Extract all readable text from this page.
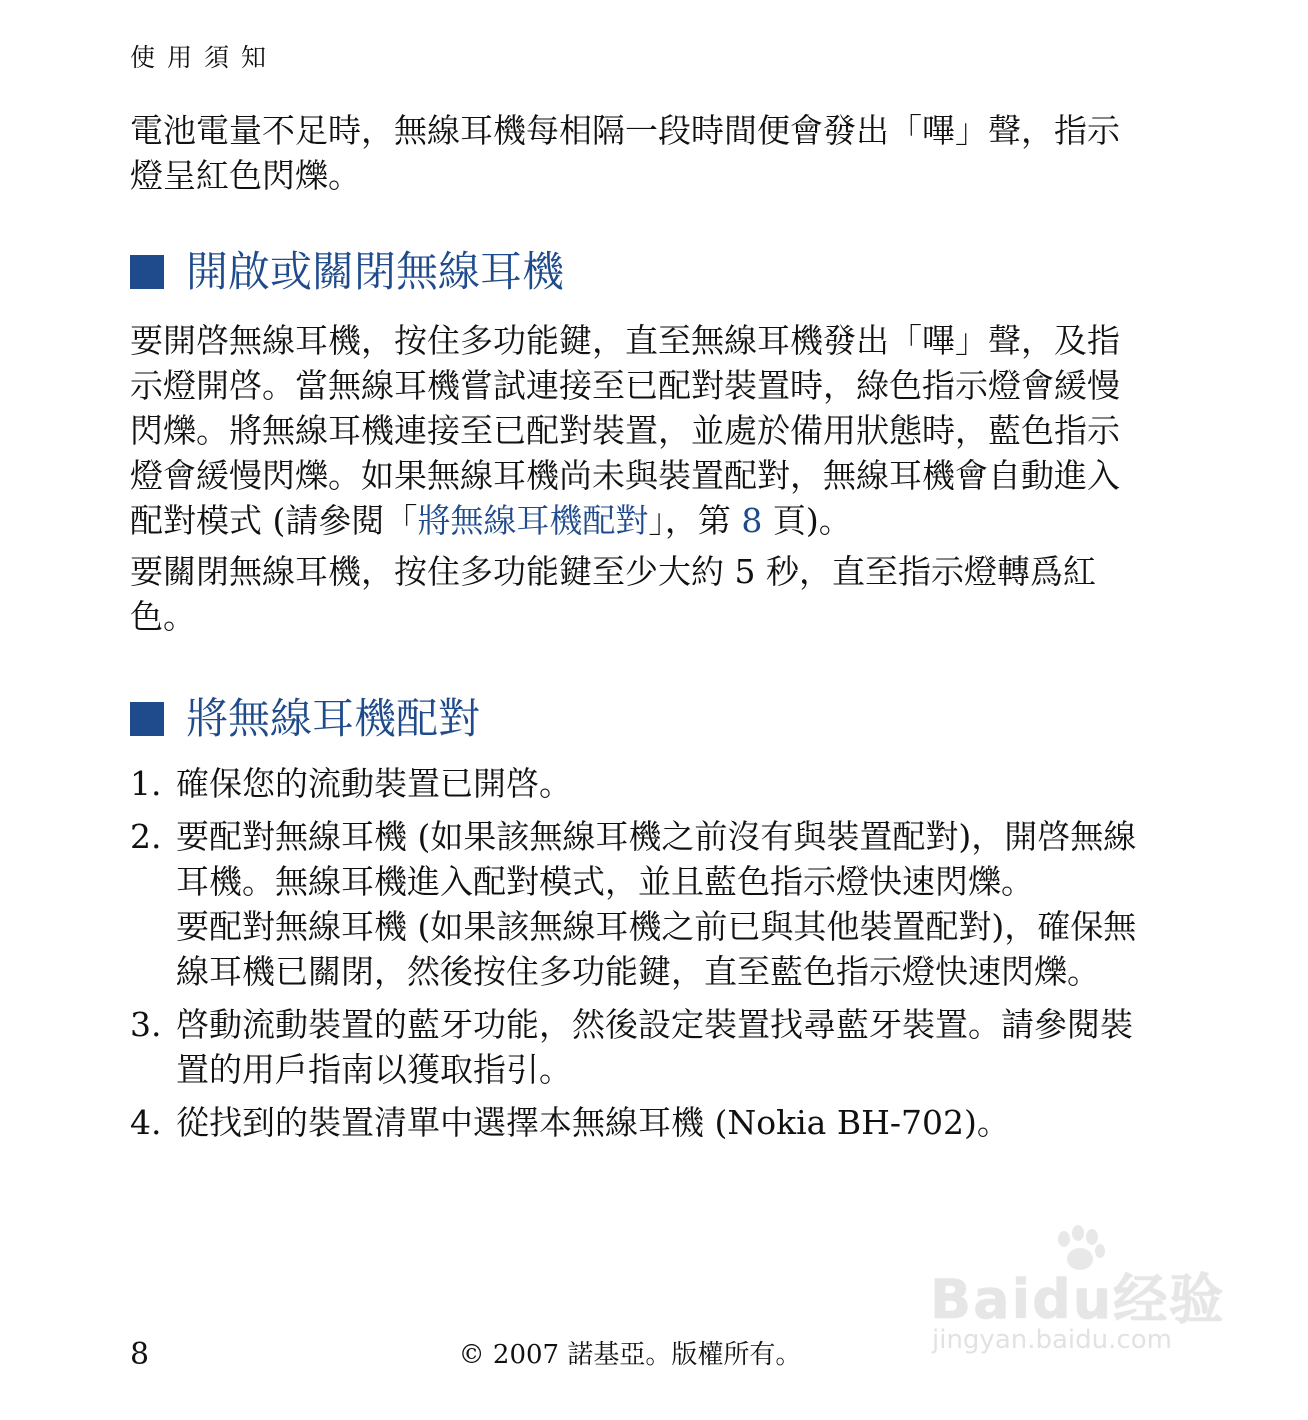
使用須知

電池電量不足時，無線耳機每相隔一段時間便會發出「嗶」聲，指示燈呈紅色閃爍。

開啟或關閉無線耳機

要開啓無線耳機，按住多功能鍵，直至無線耳機發出「嗶」聲，及指示燈開啓。當無線耳機嘗試連接至已配對裝置時，綠色指示燈會緩慢閃爍。將無線耳機連接至已配對裝置，並處於備用狀態時，藍色指示燈會緩慢閃爍。如果無線耳機尚未與裝置配對，無線耳機會自動進入配對模式 (請參閱「將無線耳機配對」，第 8 頁)。

要關閉無線耳機，按住多功能鍵至少大約 5 秒，直至指示燈轉爲紅色。

將無線耳機配對
1. 確保您的流動裝置已開啓。

2. 要配對無線耳機 (如果該無線耳機之前沒有與裝置配對)，開啓無線耳機。無線耳機進入配對模式，並且藍色指示燈快速閃爍。

要配對無線耳機 (如果該無線耳機之前已與其他裝置配對)，確保無線耳機已關閉，然後按住多功能鍵，直至藍色指示燈快速閃爍。

3. 啓動流動裝置的藍牙功能，然後設定裝置找尋藍牙裝置。請參閱裝置的用戶指南以獲取指引。

4. 從找到的裝置清單中選擇本無線耳機 (Nokia BH-702)。

8	© 2007 諾基亞。版權所有。
Baidu经验
jingyan.baidu.com
